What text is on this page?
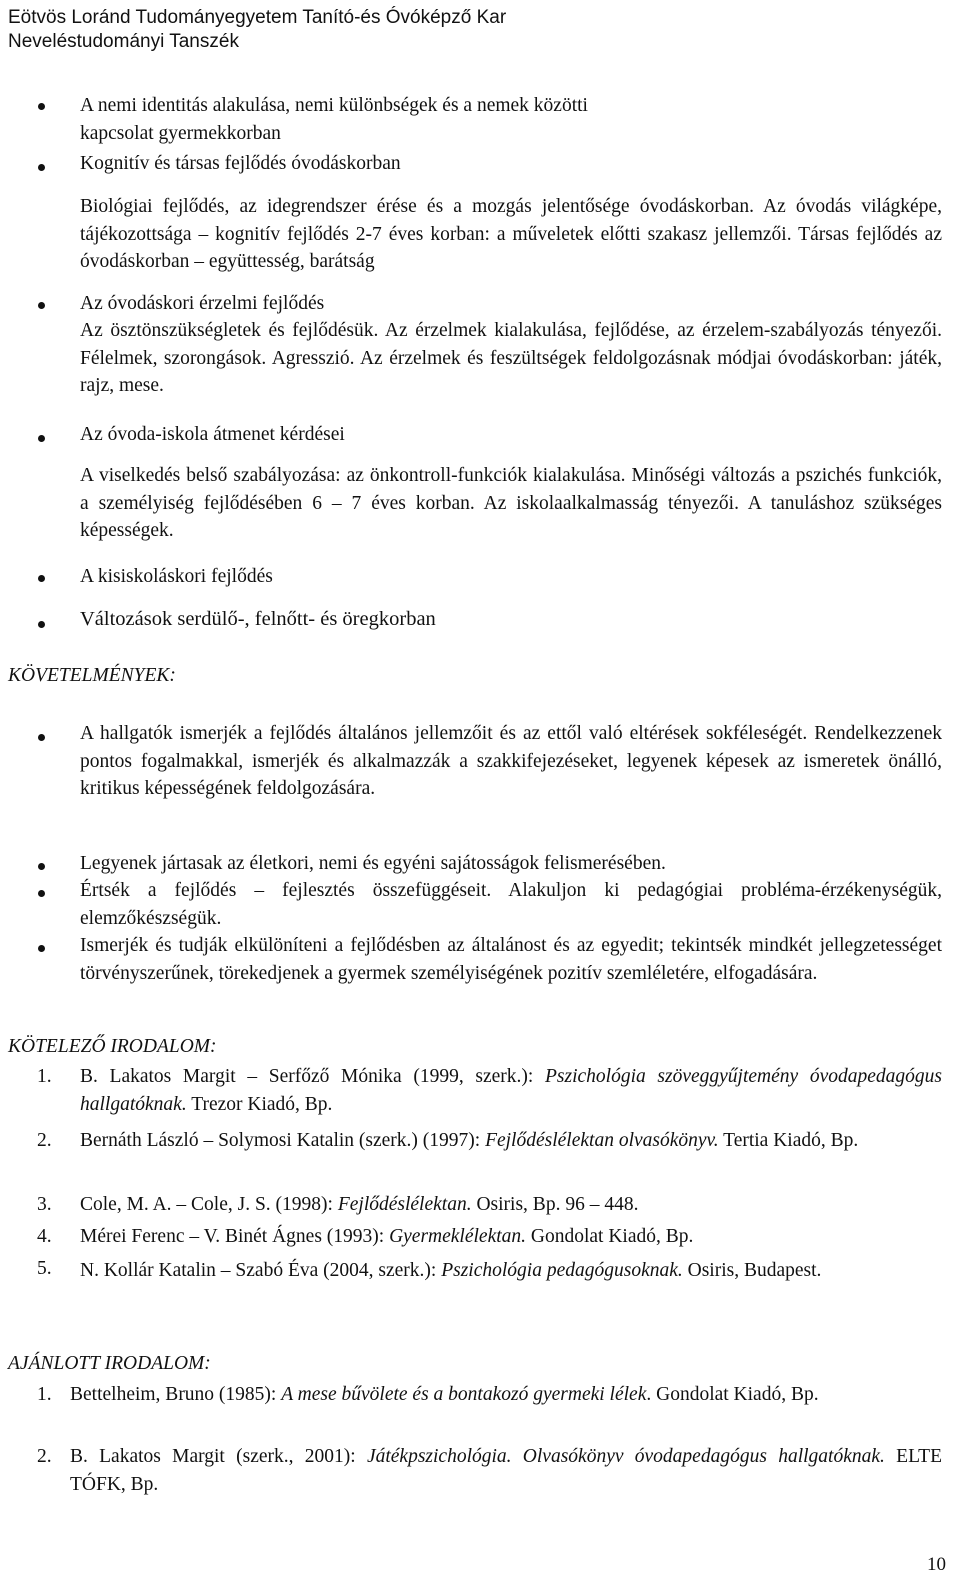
Eötvös Loránd Tudományegyetem Tanító-és Óvóképző Kar
Neveléstudományi Tanszék
A nemi identitás alakulása, nemi különbségek és a nemek közötti kapcsolat gyermekkorban
Kognitív és társas fejlődés óvodáskorban
Biológiai fejlődés, az idegrendszer érése és a mozgás jelentősége óvodáskorban. Az óvodás világképe, tájékozottsága – kognitív fejlődés 2-7 éves korban: a műveletek előtti szakasz jellemzői. Társas fejlődés az óvodáskorban – együttesség, barátság
Az óvodáskori érzelmi fejlődés
Az ösztönszükségletek és fejlődésük. Az érzelmek kialakulása, fejlődése, az érzelem-szabályozás tényezői. Félelmek, szorongások. Agresszió. Az érzelmek és feszültségek feldolgozásnak módjai óvodáskorban: játék, rajz, mese.
Az óvoda-iskola átmenet kérdései
A viselkedés belső szabályozása: az önkontroll-funkciók kialakulása. Minőségi változás a pszichés funkciók, a személyiség fejlődésében 6 – 7 éves korban. Az iskolaalkalmasság tényezői. A tanuláshoz szükséges képességek.
A kisiskoláskori fejlődés
Változások serdülő-, felnőtt- és öregkorban
KÖVETELMÉNYEK:
A hallgatók ismerjék a fejlődés általános jellemzőit és az ettől való eltérések sokféleségét. Rendelkezzenek pontos fogalmakkal, ismerjék és alkalmazzák a szakkifejezéseket, legyenek képesek az ismeretek önálló, kritikus képességének feldolgozására.
Legyenek jártasak az életkori, nemi és egyéni sajátosságok felismerésében.
Értsék a fejlődés – fejlesztés összefüggéseit. Alakuljon ki pedagógiai probléma-érzékenységük, elemzőkészségük.
Ismerjék és tudják elkülöníteni a fejlődésben az általánost és az egyedit; tekintsék mindkét jellegzetességet törvényszerűnek, törekedjenek a gyermek személyiségének pozitív szemléletére, elfogadására.
KÖTELEZŐ IRODALOM:
1. B. Lakatos Margit – Serfőző Mónika (1999, szerk.): Pszichológia szöveggyűjtemény óvodapedagógus hallgatóknak. Trezor Kiadó, Bp.
2. Bernáth László – Solymosi Katalin (szerk.) (1997): Fejlődéslélektan olvasókönyv. Tertia Kiadó, Bp.
3. Cole, M. A. – Cole, J. S. (1998): Fejlődéslélektan. Osiris, Bp. 96 – 448.
4. Mérei Ferenc – V. Binét Ágnes (1993): Gyermeklélektan. Gondolat Kiadó, Bp.
5. N. Kollár Katalin – Szabó Éva (2004, szerk.): Pszichológia pedagógusoknak. Osiris, Budapest.
AJÁNLOTT IRODALOM:
1. Bettelheim, Bruno (1985): A mese bűvölete és a bontakozó gyermeki lélek. Gondolat Kiadó, Bp.
2. B. Lakatos Margit (szerk., 2001): Játékpszichológia. Olvasókönyv óvodapedagógus hallgatóknak. ELTE TÓFK, Bp.
10
